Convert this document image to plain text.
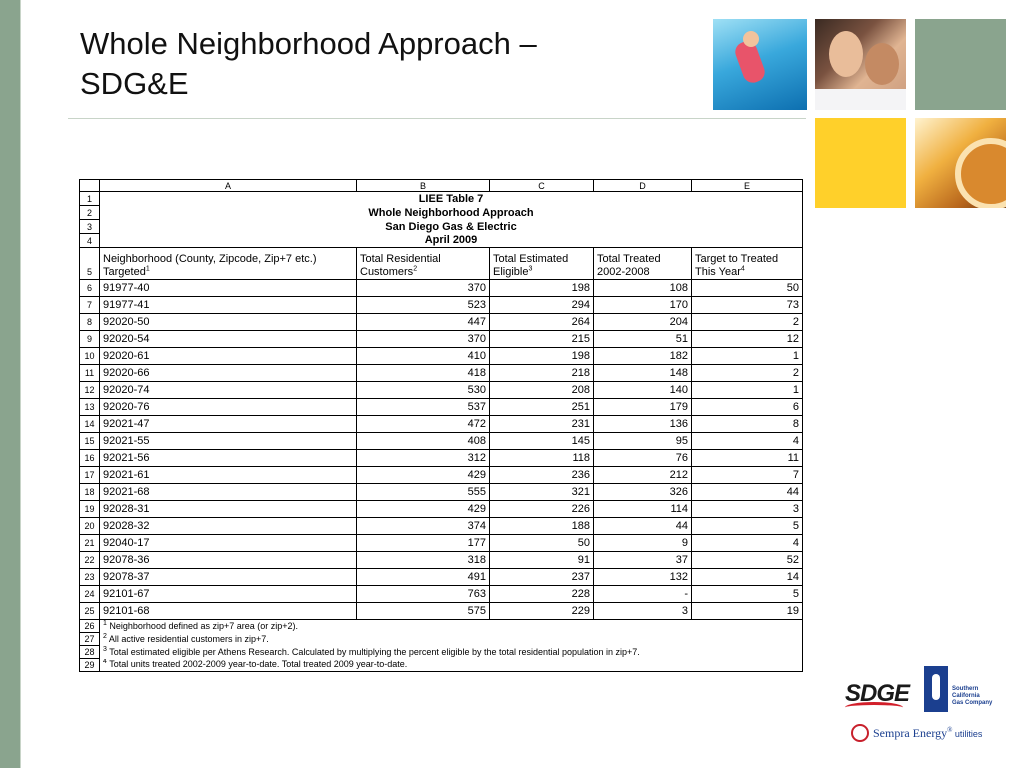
Whole Neighborhood Approach –
SDG&E
	A	B	C	D	E
1	LIEE Table 7				
2	Whole Neighborhood Approach				
3	San Diego Gas & Electric				
4	April 2009				
5	Neighborhood (County, Zipcode, Zip+7 etc.) Targeted$^1$	Total Residential Customers$^2$	Total Estimated Eligible$^3$	Total Treated 2002-2008	Target to Treated This Year$^4$
6	91977-40	370	198	108	50
7	91977-41	523	294	170	73
8	92020-50	447	264	204	2
9	92020-54	370	215	51	12
10	92020-61	410	198	182	1
11	92020-66	418	218	148	2
12	92020-74	530	208	140	1
13	92020-76	537	251	179	6
14	92021-47	472	231	136	8
15	92021-55	408	145	95	4
16	92021-56	312	118	76	11
17	92021-61	429	236	212	7
18	92021-68	555	321	326	44
19	92028-31	429	226	114	3
20	92028-32	374	188	44	5
21	92040-17	177	50	9	4
22	92078-36	318	91	37	52
23	92078-37	491	237	132	14
24	92101-67	763	228	-	5
25	92101-68	575	229	3	19
26	$^1$ Neighborhood defined as zip+7 area (or zip+2).				
27	$^2$ All active residential customers in zip+7.				
28	$^3$ Total estimated eligible per Athens Research. Calculated by multiplying the percent eligible by the total residential population in zip+7.				
29	$^4$ Total units treated 2002-2009 year-to-date. Total treated 2009 year-to-date.				
SDGE	Southern
California
Gas Company
Sempra Energy® utilities
